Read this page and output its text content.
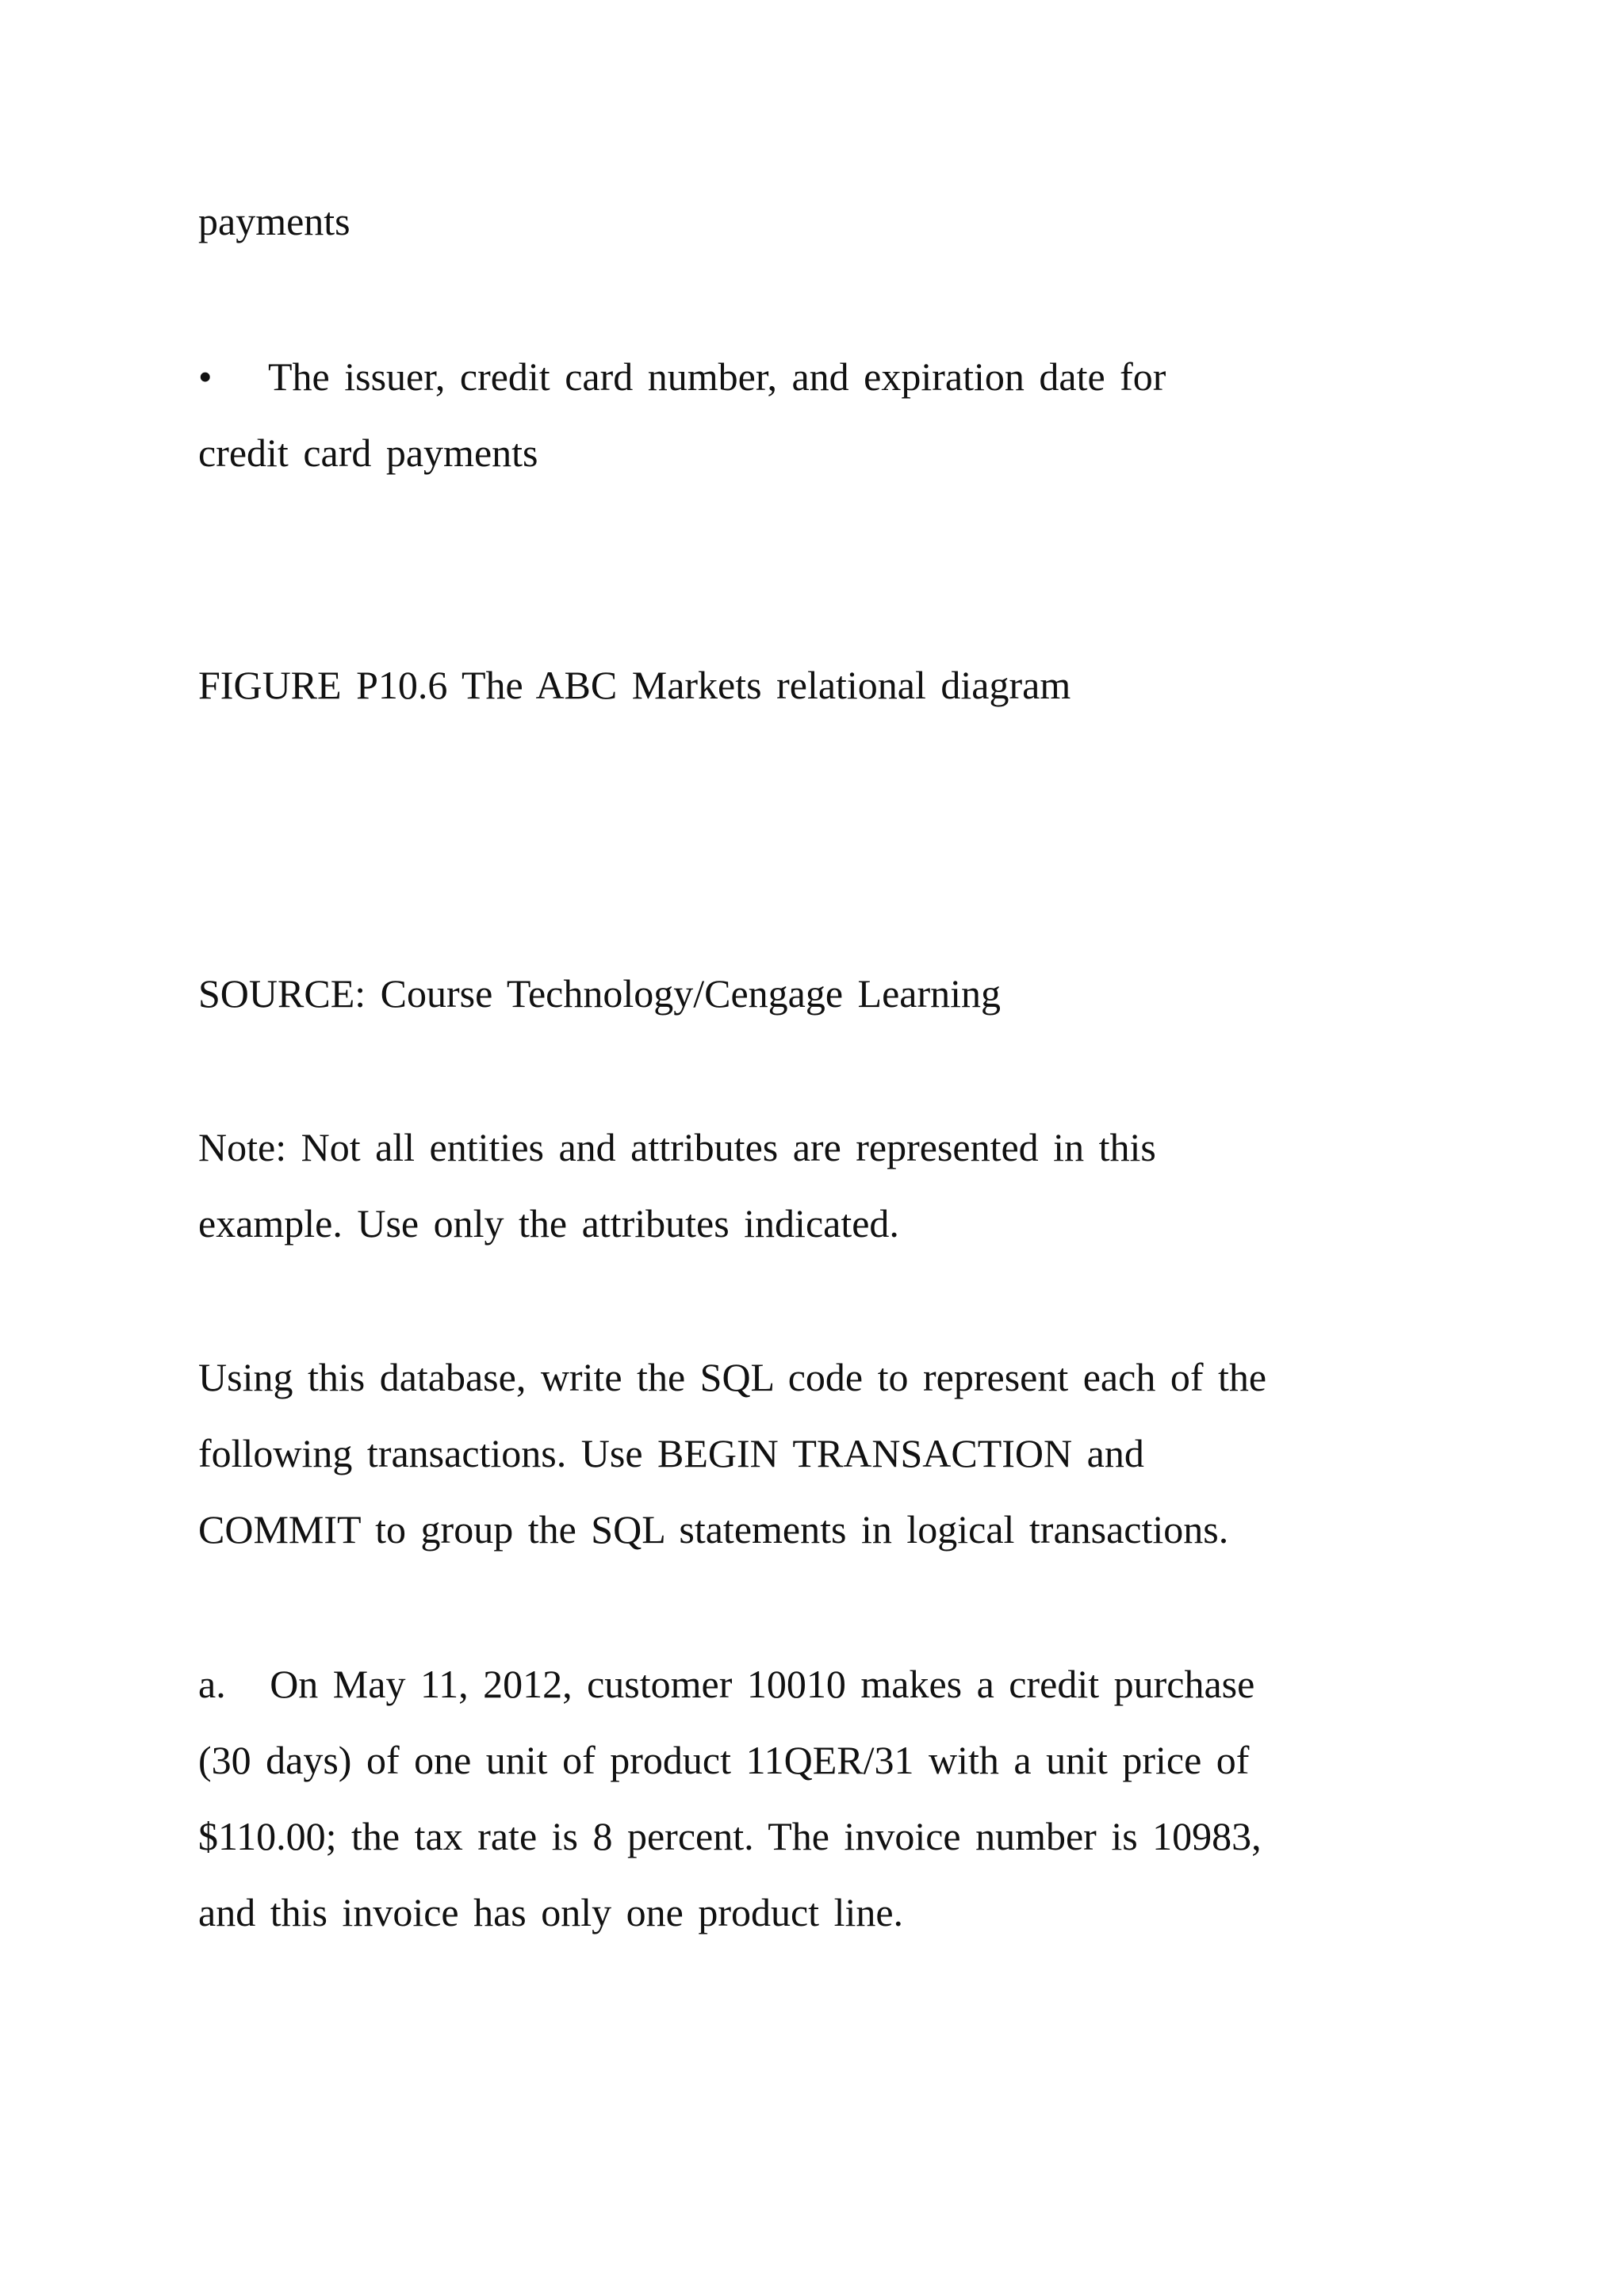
payments
• The issuer, credit card number, and expiration date for
credit card payments
FIGURE P10.6 The ABC Markets relational diagram
SOURCE: Course Technology/Cengage Learning
Note: Not all entities and attributes are represented in this
example. Use only the attributes indicated.
Using this database, write the SQL code to represent each of the
following transactions. Use BEGIN TRANSACTION and
COMMIT to group the SQL statements in logical transactions.
a.   On May 11, 2012, customer 10010 makes a credit purchase
(30 days) of one unit of product 11QER/31 with a unit price of
$110.00; the tax rate is 8 percent. The invoice number is 10983,
and this invoice has only one product line.
